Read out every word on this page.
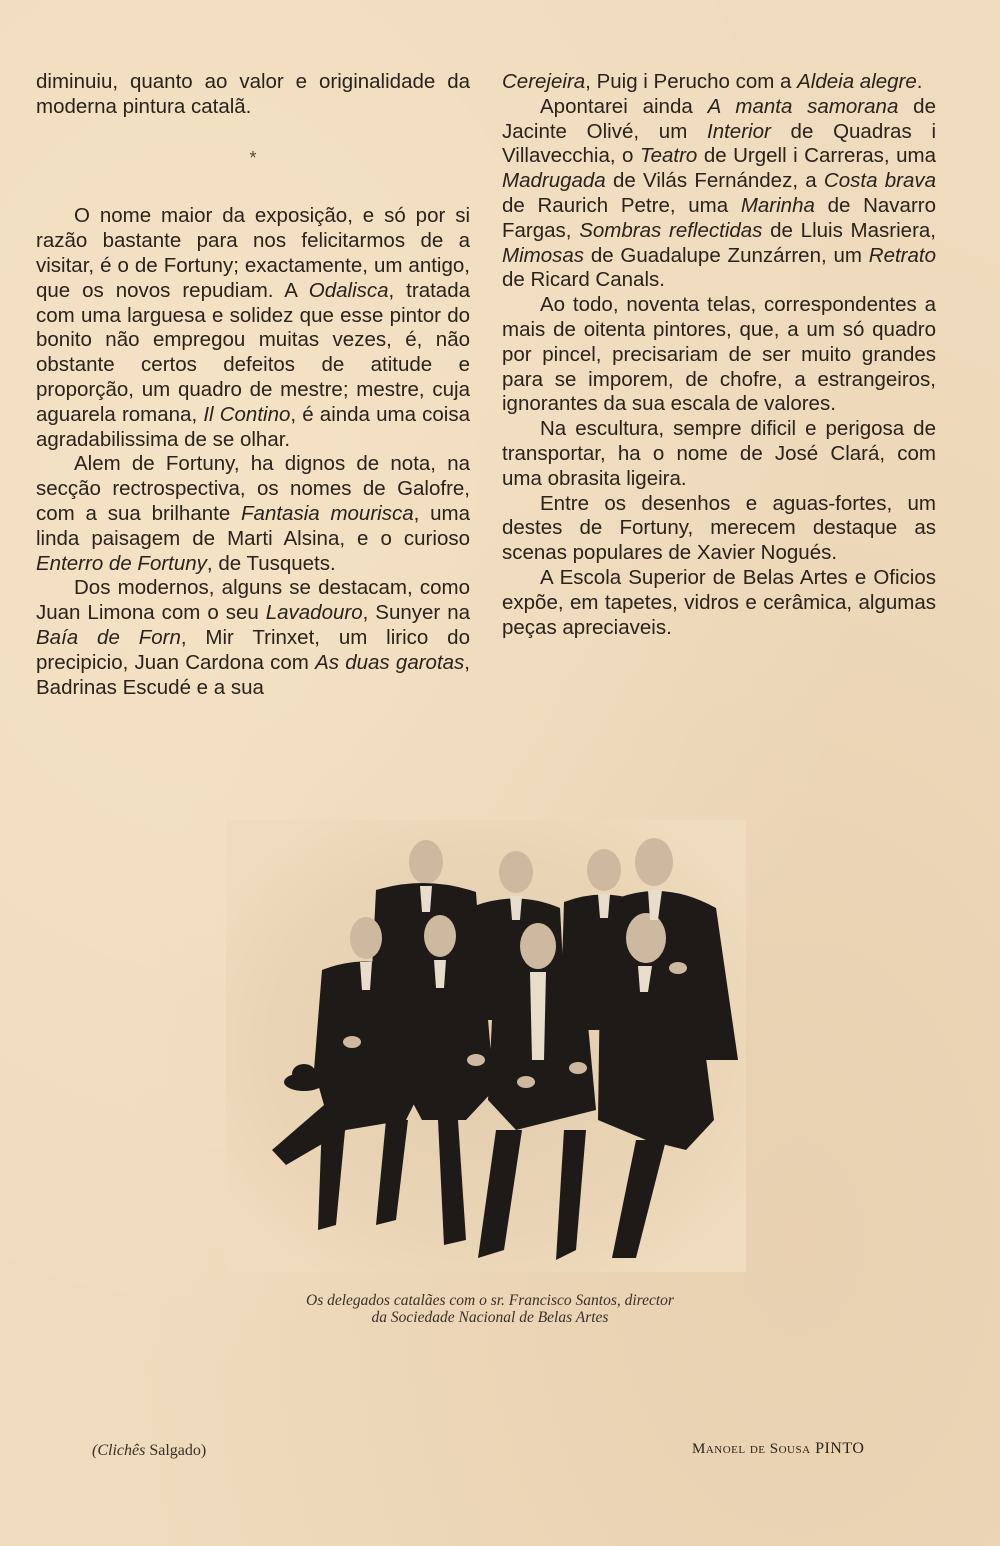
diminuiu, quanto ao valor e originalidade da moderna pintura catalã.

*

O nome maior da exposição, e só por si razão bastante para nos felicitarmos de a visitar, é o de Fortuny; exactamente, um antigo, que os novos repudiam. A Odalisca, tratada com uma larguesa e solidez que esse pintor do bonito não empregou muitas vezes, é, não obstante certos defeitos de atitude e proporção, um quadro de mestre; mestre, cuja aguarela romana, Il Contino, é ainda uma coisa agradabilissima de se olhar.

Alem de Fortuny, ha dignos de nota, na secção rectrospectiva, os nomes de Galofre, com a sua brilhante Fantasia mourisca, uma linda paisagem de Marti Alsina, e o curioso Enterro de Fortuny, de Tusquets.

Dos modernos, alguns se destacam, como Juan Limona com o seu Lavadouro, Sunyer na Baía de Forn, Mir Trinxet, um lirico do precipicio, Juan Cardona com As duas garotas, Badrinas Escudé e a sua

Cerejeira, Puig i Perucho com a Aldeia alegre.

Apontarei ainda A manta samorana de Jacinte Olivé, um Interior de Quadras i Villavecchia, o Teatro de Urgell i Carreras, uma Madrugada de Vilás Fernández, a Costa brava de Raurich Petre, uma Marinha de Navarro Fargas, Sombras reflectidas de Lluis Masriera, Mimosas de Guadalupe Zunzárren, um Retrato de Ricard Canals.

Ao todo, noventa telas, correspondentes a mais de oitenta pintores, que, a um só quadro por pincel, precisariam de ser muito grandes para se imporem, de chofre, a estrangeiros, ignorantes da sua escala de valores.

Na escultura, sempre dificil e perigosa de transportar, ha o nome de José Clará, com uma obrasita ligeira.

Entre os desenhos e aguas-fortes, um destes de Fortuny, merecem destaque as scenas populares de Xavier Nogués.

A Escola Superior de Belas Artes e Oficios expõe, em tapetes, vidros e cerâmica, algumas peças apreciaveis.

Os delegados catalães com o sr. Francisco Santos, director
da Sociedade Nacional de Belas Artes
(Clichês Salgado)	Manoel de Sousa PINTO
